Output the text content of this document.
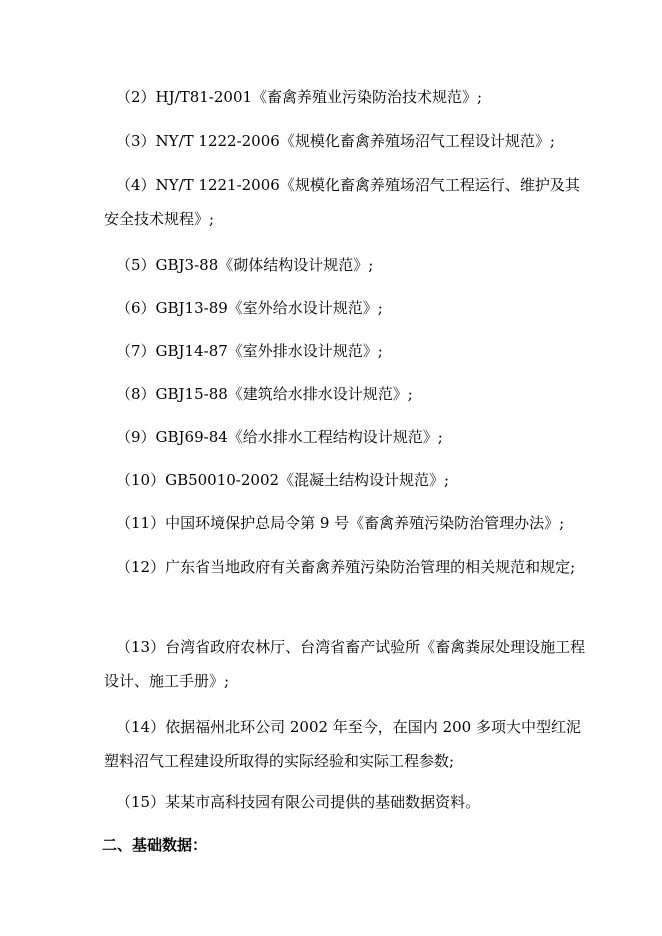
（2）HJ/T81-2001《畜禽养殖业污染防治技术规范》;

（3）NY/T 1222-2006《规模化畜禽养殖场沼气工程设计规范》;

（4）NY/T 1221-2006《规模化畜禽养殖场沼气工程运行、维护及其安全技术规程》;

（5）GBJ3-88《砌体结构设计规范》;

（6）GBJ13-89《室外给水设计规范》;

（7）GBJ14-87《室外排水设计规范》;

（8）GBJ15-88《建筑给水排水设计规范》;

（9）GBJ69-84《给水排水工程结构设计规范》;

（10）GB50010-2002《混凝土结构设计规范》;

（11）中国环境保护总局令第 9 号《畜禽养殖污染防治管理办法》;

（12）广东省当地政府有关畜禽养殖污染防治管理的相关规范和规定;

（13）台湾省政府农林厅、台湾省畜产试验所《畜禽粪尿处理设施工程设计、施工手册》;

（14）依据福州北环公司 2002 年至今，在国内 200 多项大中型红泥塑料沼气工程建设所取得的实际经验和实际工程参数;

（15）某某市高科技园有限公司提供的基础数据资料。

二、基础数据：
